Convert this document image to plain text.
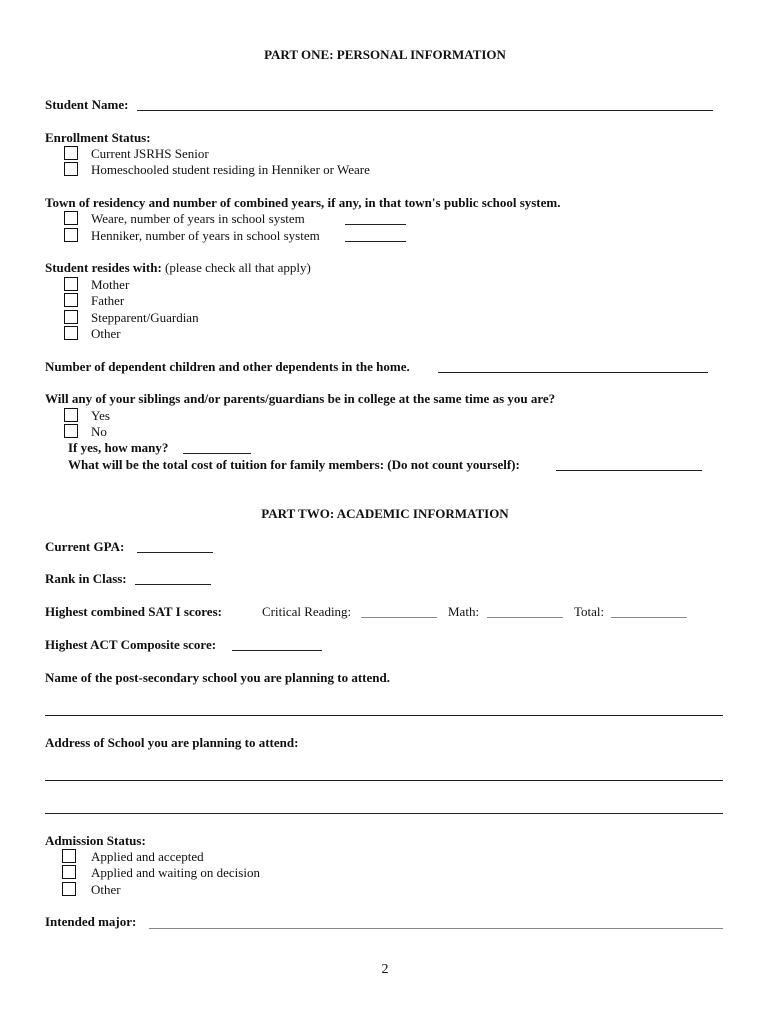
PART ONE: PERSONAL INFORMATION
Student Name:
Enrollment Status:
Current JSRHS Senior
Homeschooled student residing in Henniker or Weare
Town of residency and number of combined years, if any, in that town's public school system.
Weare, number of years in school system
Henniker, number of years in school system
Student resides with: (please check all that apply)
Mother
Father
Stepparent/Guardian
Other
Number of dependent children and other dependents in the home.
Will any of your siblings and/or parents/guardians be in college at the same time as you are?
Yes
No
If yes, how many?
What will be the total cost of tuition for family members: (Do not count yourself):
PART TWO: ACADEMIC INFORMATION
Current GPA:
Rank in Class:
Highest combined SAT I scores:	Critical Reading:	Math:	Total:
Highest ACT Composite score:
Name of the post-secondary school you are planning to attend.
Address of School you are planning to attend:
Admission Status:
Applied and accepted
Applied and waiting on decision
Other
Intended major:
2
